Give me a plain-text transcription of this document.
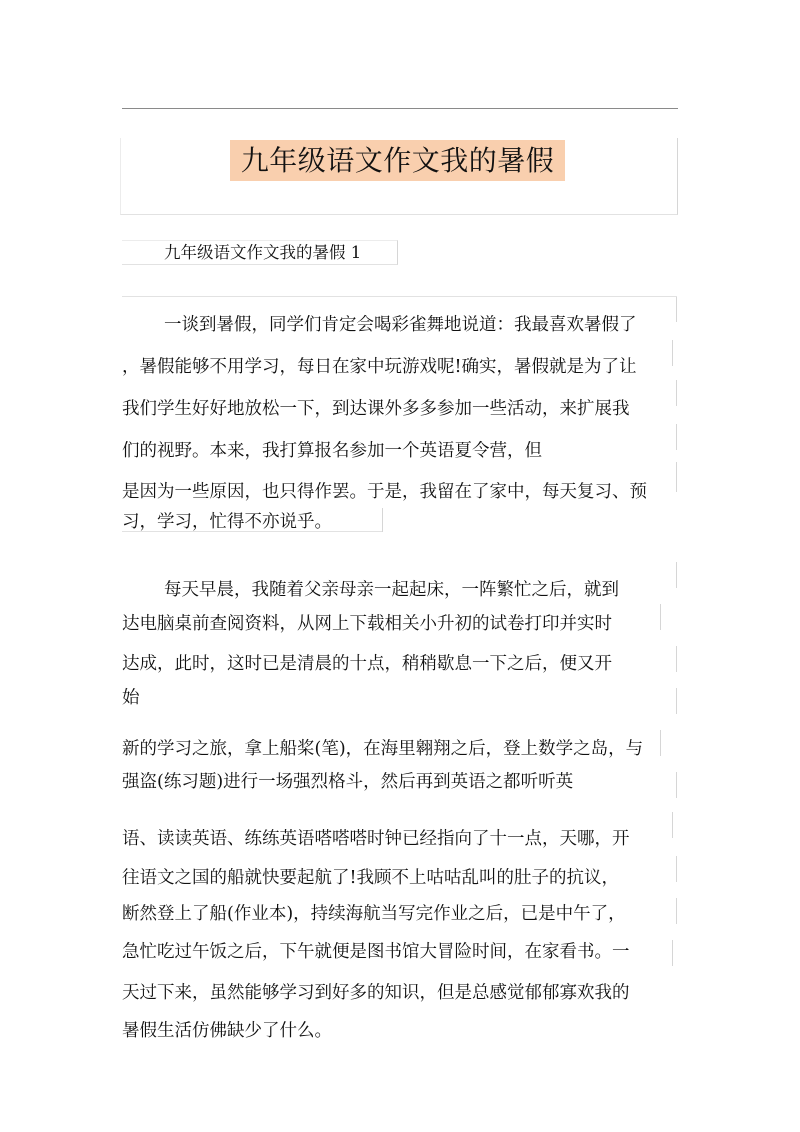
九年级语文作文我的暑假
九年级语文作文我的暑假 1
一谈到暑假，同学们肯定会喝彩雀舞地说道：我最喜欢暑假了
，暑假能够不用学习，每日在家中玩游戏呢!确实，暑假就是为了让
我们学生好好地放松一下，到达课外多多参加一些活动，来扩展我
们的视野。本来，我打算报名参加一个英语夏令营，但
是因为一些原因，也只得作罢。于是，我留在了家中，每天复习、预
习，学习，忙得不亦说乎。
每天早晨，我随着父亲母亲一起起床，一阵繁忙之后，就到
达电脑桌前查阅资料，从网上下载相关小升初的试卷打印并实时
达成，此时，这时已是清晨的十点，稍稍歇息一下之后，便又开
始
新的学习之旅，拿上船桨(笔)，在海里翱翔之后，登上数学之岛，与
强盗(练习题)进行一场强烈格斗，然后再到英语之都听听英
语、读读英语、练练英语嗒嗒嗒时钟已经指向了十一点，天哪，开
往语文之国的船就快要起航了!我顾不上咕咕乱叫的肚子的抗议，
断然登上了船(作业本)，持续海航当写完作业之后，已是中午了，
急忙吃过午饭之后，下午就便是图书馆大冒险时间，在家看书。一
天过下来，虽然能够学习到好多的知识，但是总感觉郁郁寡欢我的
暑假生活仿佛缺少了什么。
